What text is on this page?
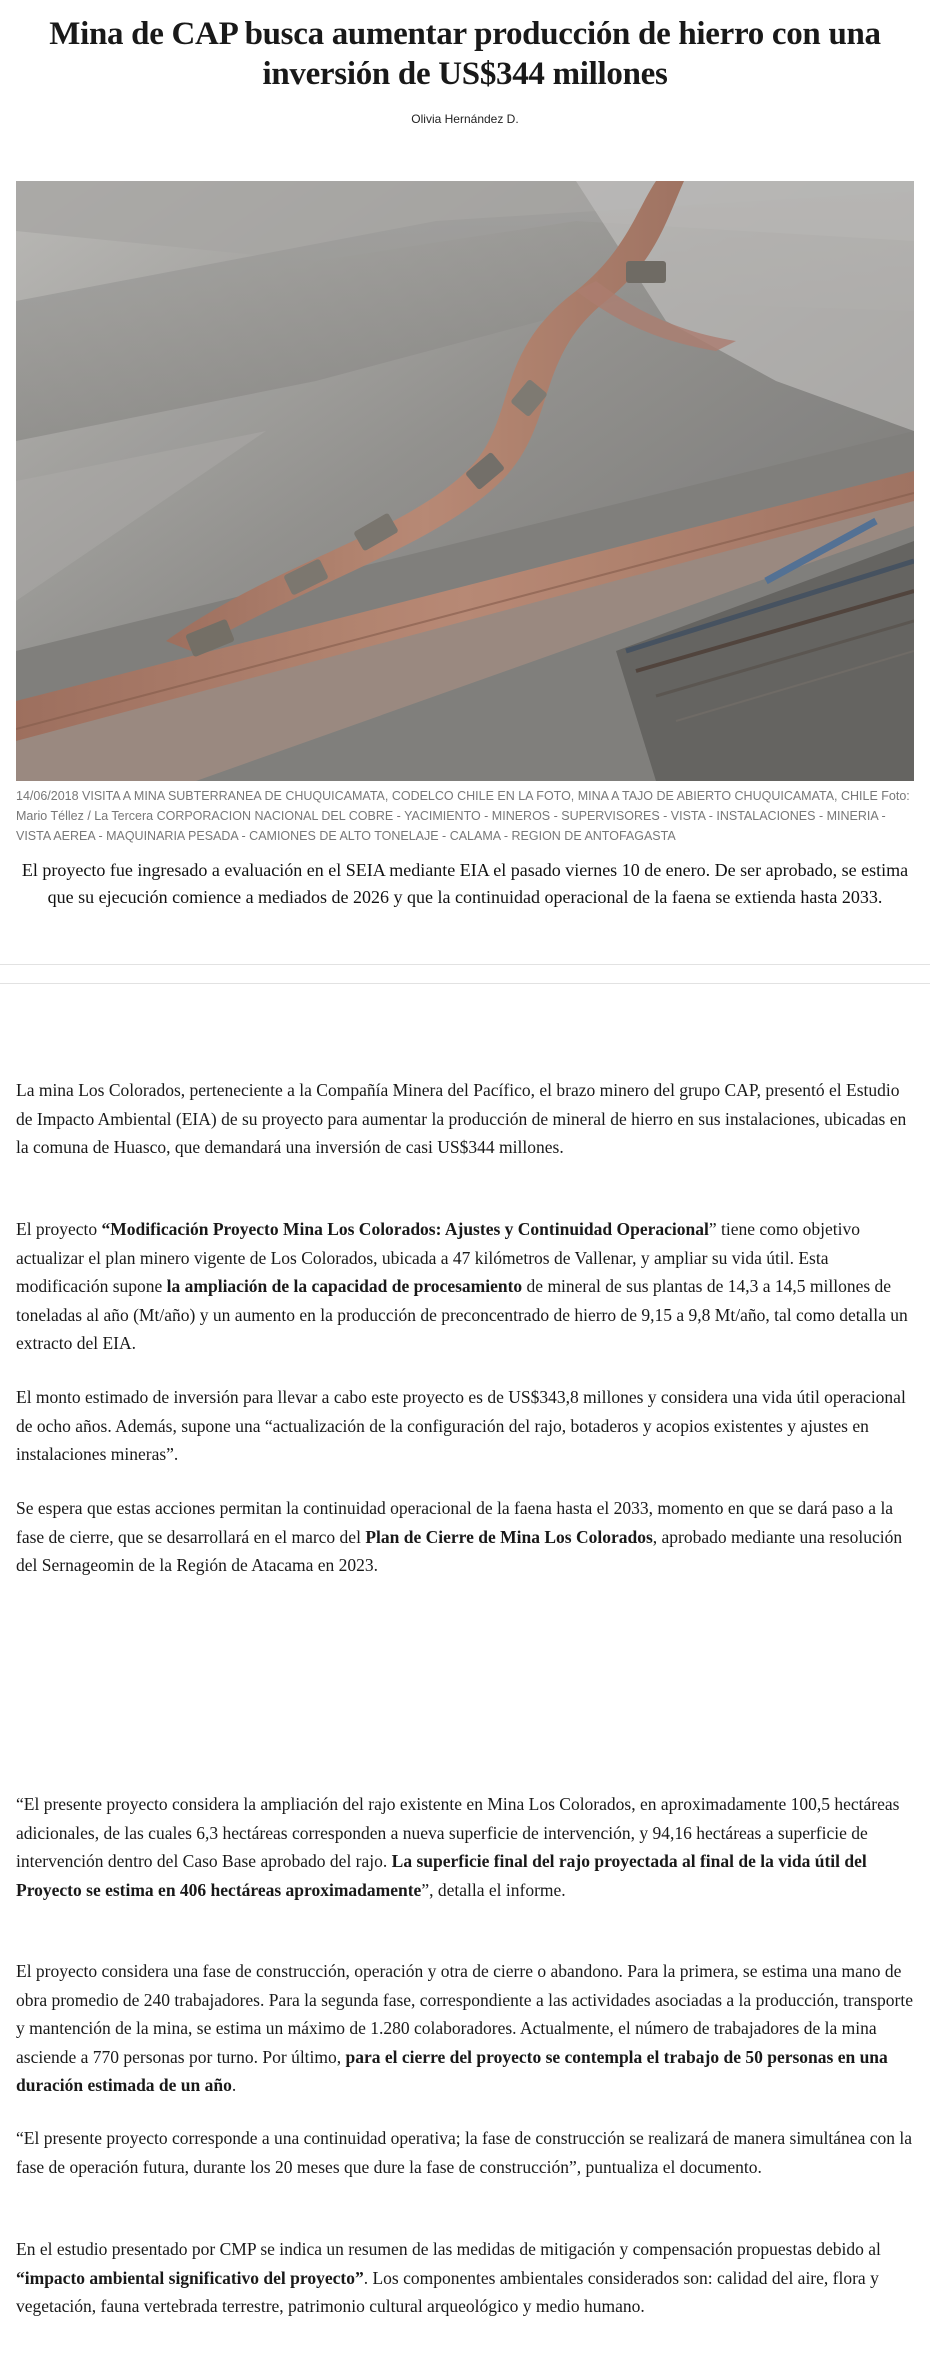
Mina de CAP busca aumentar producción de hierro con una inversión de US$344 millones
Olivia Hernández D.

14/06/2018 VISITA A MINA SUBTERRANEA DE CHUQUICAMATA, CODELCO CHILE EN LA FOTO, MINA A TAJO DE ABIERTO CHUQUICAMATA, CHILE Foto: Mario Téllez / La Tercera CORPORACION NACIONAL DEL COBRE - YACIMIENTO - MINEROS - SUPERVISORES - VISTA - INSTALACIONES - MINERIA - VISTA AEREA - MAQUINARIA PESADA - CAMIONES DE ALTO TONELAJE - CALAMA - REGION DE ANTOFAGASTA

El proyecto fue ingresado a evaluación en el SEIA mediante EIA el pasado viernes 10 de enero. De ser aprobado, se estima que su ejecución comience a mediados de 2026 y que la continuidad operacional de la faena se extienda hasta 2033.

La mina Los Colorados, perteneciente a la Compañía Minera del Pacífico, el brazo minero del grupo CAP, presentó el Estudio de Impacto Ambiental (EIA) de su proyecto para aumentar la producción de mineral de hierro en sus instalaciones, ubicadas en la comuna de Huasco, que demandará una inversión de casi US$344 millones.

El proyecto “Modificación Proyecto Mina Los Colorados: Ajustes y Continuidad Operacional” tiene como objetivo actualizar el plan minero vigente de Los Colorados, ubicada a 47 kilómetros de Vallenar, y ampliar su vida útil. Esta modificación supone la ampliación de la capacidad de procesamiento de mineral de sus plantas de 14,3 a 14,5 millones de toneladas al año (Mt/año) y un aumento en la producción de preconcentrado de hierro de 9,15 a 9,8 Mt/año, tal como detalla un extracto del EIA.

El monto estimado de inversión para llevar a cabo este proyecto es de US$343,8 millones y considera una vida útil operacional de ocho años. Además, supone una “actualización de la configuración del rajo, botaderos y acopios existentes y ajustes en instalaciones mineras”.

Se espera que estas acciones permitan la continuidad operacional de la faena hasta el 2033, momento en que se dará paso a la fase de cierre, que se desarrollará en el marco del Plan de Cierre de Mina Los Colorados, aprobado mediante una resolución del Sernageomin de la Región de Atacama en 2023.

“El presente proyecto considera la ampliación del rajo existente en Mina Los Colorados, en aproximadamente 100,5 hectáreas adicionales, de las cuales 6,3 hectáreas corresponden a nueva superficie de intervención, y 94,16 hectáreas a superficie de intervención dentro del Caso Base aprobado del rajo. La superficie final del rajo proyectada al final de la vida útil del Proyecto se estima en 406 hectáreas aproximadamente”, detalla el informe.

El proyecto considera una fase de construcción, operación y otra de cierre o abandono. Para la primera, se estima una mano de obra promedio de 240 trabajadores. Para la segunda fase, correspondiente a las actividades asociadas a la producción, transporte y mantención de la mina, se estima un máximo de 1.280 colaboradores. Actualmente, el número de trabajadores de la mina asciende a 770 personas por turno. Por último, para el cierre del proyecto se contempla el trabajo de 50 personas en una duración estimada de un año.

“El presente proyecto corresponde a una continuidad operativa; la fase de construcción se realizará de manera simultánea con la fase de operación futura, durante los 20 meses que dure la fase de construcción”, puntualiza el documento.

En el estudio presentado por CMP se indica un resumen de las medidas de mitigación y compensación propuestas debido al “impacto ambiental significativo del proyecto”. Los componentes ambientales considerados son: calidad del aire, flora y vegetación, fauna vertebrada terrestre, patrimonio cultural arqueológico y medio humano.
